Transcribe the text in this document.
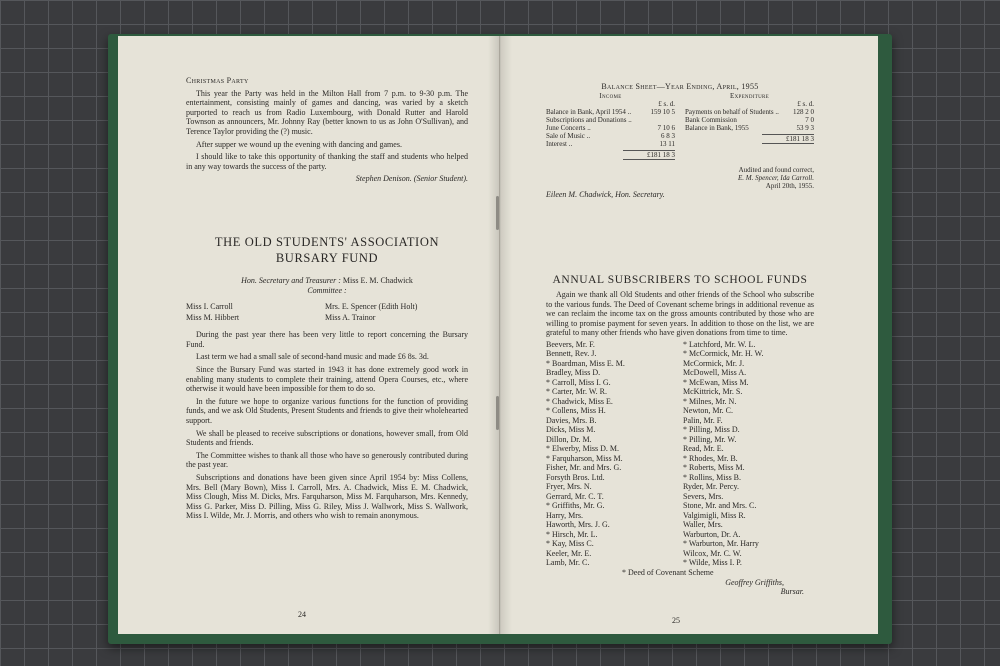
Christmas Party
This year the Party was held in the Milton Hall from 7 p.m. to 9-30 p.m. The entertainment, consisting mainly of games and dancing, was varied by a sketch purported to reach us from Radio Luxembourg, with Donald Rutter and Harold Townson as announcers, Mr. Johnny Ray (better known to us as John O'Sullivan), and Terence Taylor providing the (?) music.
After supper we wound up the evening with dancing and games.
I should like to take this opportunity of thanking the staff and students who helped in any way towards the success of the party.
Stephen Denison. (Senior Student).
THE OLD STUDENTS' ASSOCIATION
BURSARY FUND
Hon. Secretary and Treasurer : Miss E. M. Chadwick
Committee :
Miss I. Carroll	Mrs. E. Spencer (Edith Holt)
Miss M. Hibbert	Miss A. Trainor
During the past year there has been very little to report concerning the Bursary Fund.
Last term we had a small sale of second-hand music and made £6 8s. 3d.
Since the Bursary Fund was started in 1943 it has done extremely good work in enabling many students to complete their training, attend Opera Courses, etc., where otherwise it would have been impossible for them to do so.
In the future we hope to organize various functions for the function of providing funds, and we ask Old Students, Present Students and friends to give their wholehearted support.
We shall be pleased to receive subscriptions or donations, however small, from Old Students and friends.
The Committee wishes to thank all those who have so generously contributed during the past year.
Subscriptions and donations have been given since April 1954 by: Miss Collens, Mrs. Bell (Mary Bown), Miss I. Carroll, Mrs. A. Chadwick, Miss E. M. Chadwick, Miss Clough, Miss M. Dicks, Mrs. Farquharson, Miss M. Farquharson, Mrs. Kennedy, Miss G. Parker, Miss D. Pilling, Miss G. Riley, Miss J. Wallwork, Miss S. Wallwork, Miss I. Wilde, Mr. J. Morris, and others who wish to remain anonymous.
24
Balance Sheet—Year Ending, April, 1955
Income
£ s. d.
Balance in Bank, April 1954 ..	159 10 5
Subscriptions and Donations ..
June Concerts ..	7 10 6
Sale of Music ..	6 8 3
Interest ..	13 11
£181 18 3
Expenditure
£ s. d.
Payments on behalf of Students ..	128 2 0
Bank Commission	7 0
Balance in Bank, 1955	53 9 3
£181 18 3
Audited and found correct,
E. M. Spencer, Ida Carroll.
April 20th, 1955.
Eileen M. Chadwick, Hon. Secretary.
ANNUAL SUBSCRIBERS TO SCHOOL FUNDS
Again we thank all Old Students and other friends of the School who subscribe to the various funds. The Deed of Covenant scheme brings in additional revenue as we can reclaim the income tax on the gross amounts contributed by those who are willing to promise payment for seven years. In addition to those on the list, we are grateful to many other friends who have given donations from time to time.
Beevers, Mr. F.
Bennett, Rev. J.
* Boardman, Miss E. M.
Bradley, Miss D.
* Carroll, Miss I. G.
* Carter, Mr. W. R.
* Chadwick, Miss E.
* Collens, Miss H.
Davies, Mrs. B.
Dicks, Miss M.
Dillon, Dr. M.
* Elwerby, Miss D. M.
* Farquharson, Miss M.
Fisher, Mr. and Mrs. G.
Forsyth Bros. Ltd.
Fryer, Mrs. N.
Gerrard, Mr. C. T.
* Griffiths, Mr. G.
Harry, Mrs.
Haworth, Mrs. J. G.
* Hirsch, Mr. L.
* Kay, Miss C.
Keeler, Mr. E.
Lamb, Mr. C.
* Latchford, Mr. W. L.
* McCormick, Mr. H. W.
McCormick, Mr. J.
McDowell, Miss A.
* McEwan, Miss M.
McKittrick, Mr. S.
* Milnes, Mr. N.
Newton, Mr. C.
Palin, Mr. F.
* Pilling, Miss D.
* Pilling, Mr. W.
Read, Mr. E.
* Rhodes, Mr. B.
* Roberts, Miss M.
* Rollins, Miss B.
Ryder, Mr. Percy.
Severs, Mrs.
Stone, Mr. and Mrs. C.
Valgimigli, Miss R.
Waller, Mrs.
Warburton, Dr. A.
* Warburton, Mr. Harry
Wilcox, Mr. C. W.
* Wilde, Miss I. P.
* Deed of Covenant Scheme
Geoffrey Griffiths,
Bursar.
25
